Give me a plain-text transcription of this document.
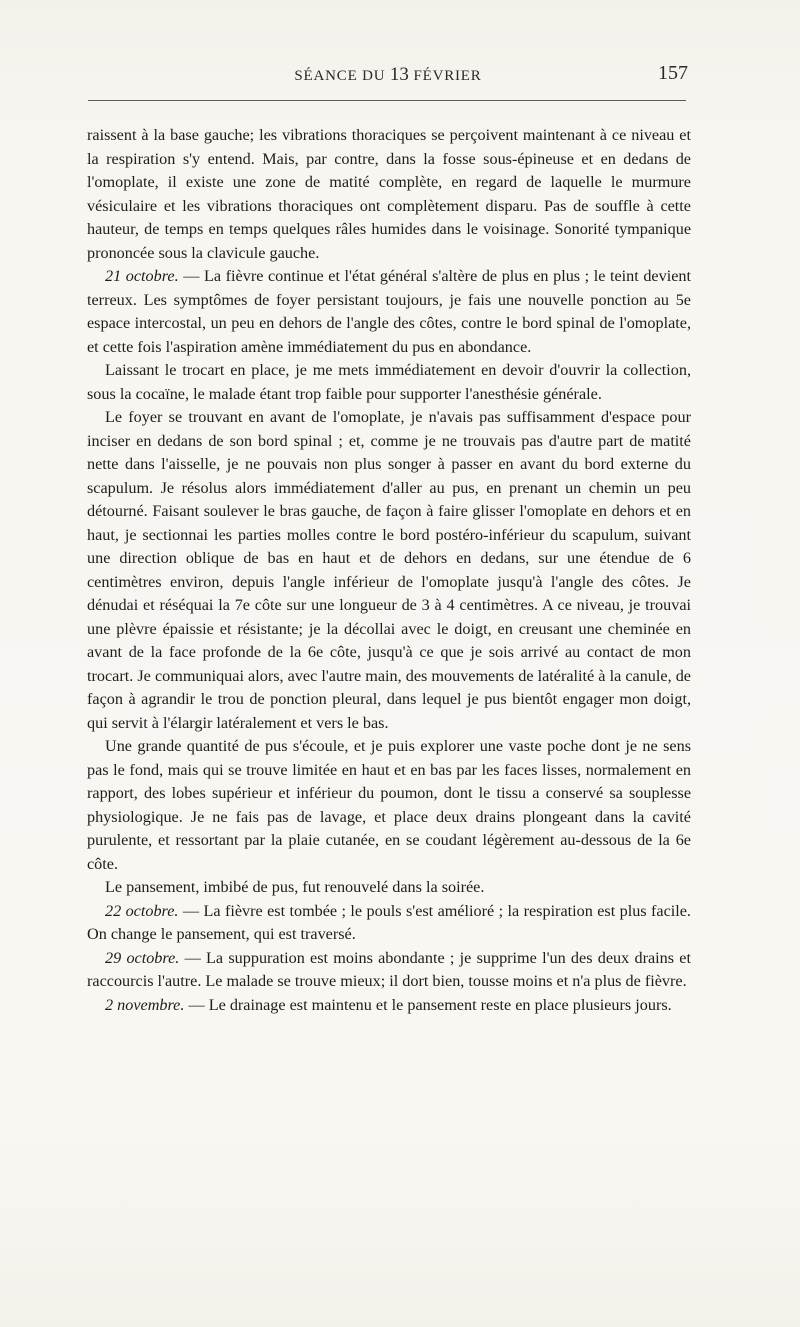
SÉANCE DU 13 FÉVRIER	157

raissent à la base gauche; les vibrations thoraciques se perçoivent maintenant à ce niveau et la respiration s'y entend. Mais, par contre, dans la fosse sous-épineuse et en dedans de l'omoplate, il existe une zone de matité complète, en regard de laquelle le murmure vésiculaire et les vibrations thoraciques ont complètement disparu. Pas de souffle à cette hauteur, de temps en temps quelques râles humides dans le voisinage. Sonorité tympanique prononcée sous la clavicule gauche.

21 octobre. — La fièvre continue et l'état général s'altère de plus en plus ; le teint devient terreux. Les symptômes de foyer persistant toujours, je fais une nouvelle ponction au 5e espace intercostal, un peu en dehors de l'angle des côtes, contre le bord spinal de l'omoplate, et cette fois l'aspiration amène immédiatement du pus en abondance.

Laissant le trocart en place, je me mets immédiatement en devoir d'ouvrir la collection, sous la cocaïne, le malade étant trop faible pour supporter l'anesthésie générale.

Le foyer se trouvant en avant de l'omoplate, je n'avais pas suffisamment d'espace pour inciser en dedans de son bord spinal ; et, comme je ne trouvais pas d'autre part de matité nette dans l'aisselle, je ne pouvais non plus songer à passer en avant du bord externe du scapulum. Je résolus alors immédiatement d'aller au pus, en prenant un chemin un peu détourné. Faisant soulever le bras gauche, de façon à faire glisser l'omoplate en dehors et en haut, je sectionnai les parties molles contre le bord postéro-inférieur du scapulum, suivant une direction oblique de bas en haut et de dehors en dedans, sur une étendue de 6 centimètres environ, depuis l'angle inférieur de l'omoplate jusqu'à l'angle des côtes. Je dénudai et réséquai la 7e côte sur une longueur de 3 à 4 centimètres. A ce niveau, je trouvai une plèvre épaissie et résistante; je la décollai avec le doigt, en creusant une cheminée en avant de la face profonde de la 6e côte, jusqu'à ce que je sois arrivé au contact de mon trocart. Je communiquai alors, avec l'autre main, des mouvements de latéralité à la canule, de façon à agrandir le trou de ponction pleural, dans lequel je pus bientôt engager mon doigt, qui servit à l'élargir latéralement et vers le bas.

Une grande quantité de pus s'écoule, et je puis explorer une vaste poche dont je ne sens pas le fond, mais qui se trouve limitée en haut et en bas par les faces lisses, normalement en rapport, des lobes supérieur et inférieur du poumon, dont le tissu a conservé sa souplesse physiologique. Je ne fais pas de lavage, et place deux drains plongeant dans la cavité purulente, et ressortant par la plaie cutanée, en se coudant légèrement au-dessous de la 6e côte.

Le pansement, imbibé de pus, fut renouvelé dans la soirée.

22 octobre. — La fièvre est tombée ; le pouls s'est amélioré ; la respiration est plus facile. On change le pansement, qui est traversé.

29 octobre. — La suppuration est moins abondante ; je supprime l'un des deux drains et raccourcis l'autre. Le malade se trouve mieux; il dort bien, tousse moins et n'a plus de fièvre.

2 novembre. — Le drainage est maintenu et le pansement reste en place plusieurs jours.
